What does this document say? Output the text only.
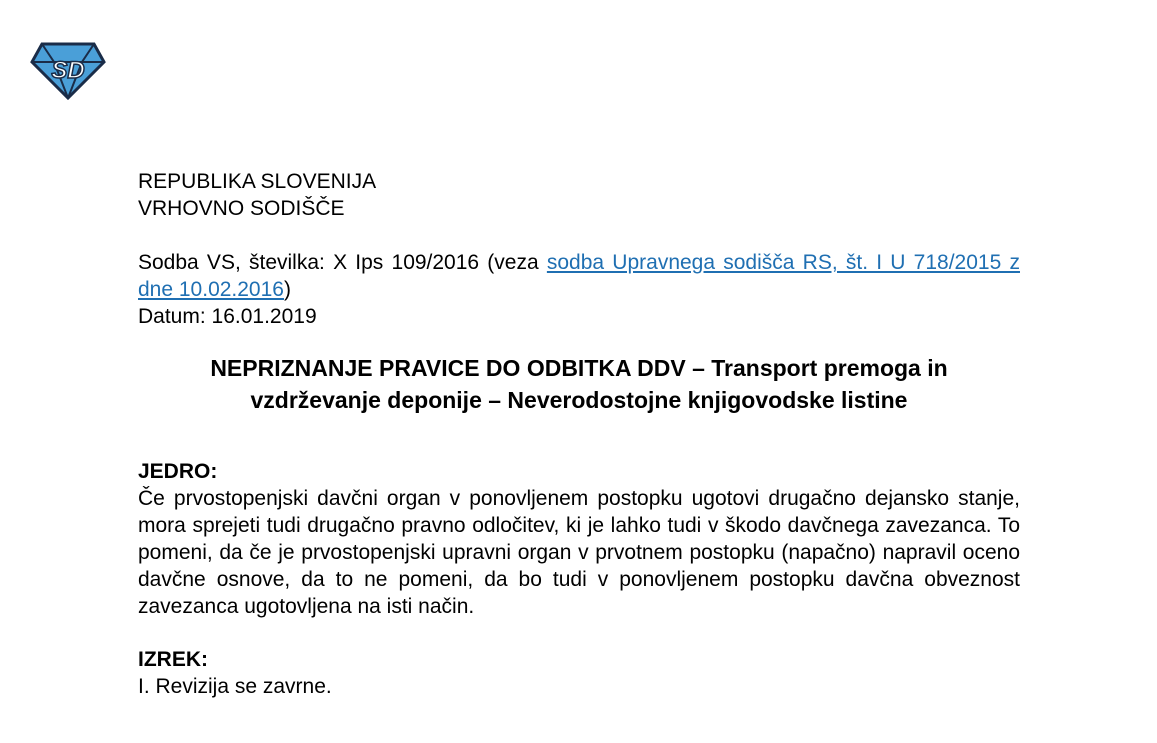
SD
REPUBLIKA SLOVENIJA
VRHOVNO SODIŠČE
Sodba VS, številka: X Ips 109/2016 (veza sodba Upravnega sodišča RS, št. I U 718/2015 z dne 10.02.2016)
Datum: 16.01.2019
NEPRIZNANJE PRAVICE DO ODBITKA DDV – Transport premoga in
vzdrževanje deponije – Neverodostojne knjigovodske listine
JEDRO:
Če prvostopenjski davčni organ v ponovljenem postopku ugotovi drugačno dejansko stanje, mora sprejeti tudi drugačno pravno odločitev, ki je lahko tudi v škodo davčnega zavezanca. To pomeni, da če je prvostopenjski upravni organ v prvotnem postopku (napačno) napravil oceno davčne osnove, da to ne pomeni, da bo tudi v ponovljenem postopku davčna obveznost zavezanca ugotovljena na isti način.
IZREK:
I. Revizija se zavrne.
